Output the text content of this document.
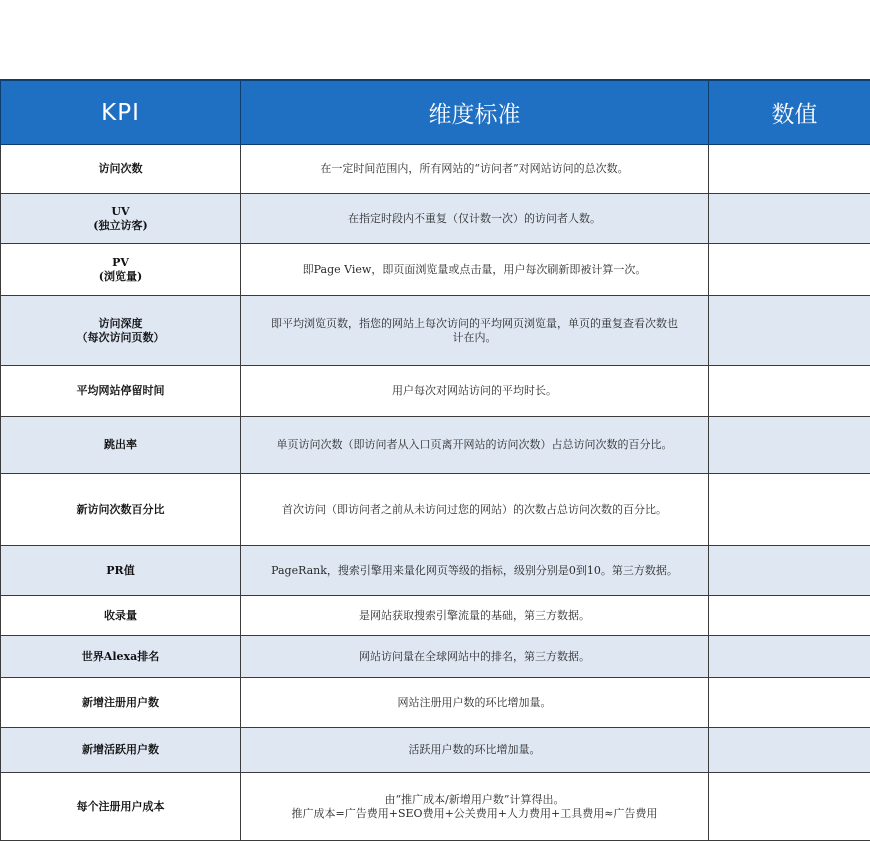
KPI	维度标准	数值

访问次数	在一定时间范围内，所有网站的“访问者”对网站访问的总次数。	

UV
(独立访客)	在指定时段内不重复（仅计数一次）的访问者人数。	

PV
(浏览量)	即Page View，即页面浏览量或点击量，用户每次刷新即被计算一次。	

访问深度
（每次访问页数）	即平均浏览页数，指您的网站上每次访问的平均网页浏览量，单页的重复查看次数也
计在内。	

平均网站停留时间	用户每次对网站访问的平均时长。	

跳出率	单页访问次数（即访问者从入口页离开网站的访问次数）占总访问次数的百分比。	

新访问次数百分比	首次访问（即访问者之前从未访问过您的网站）的次数占总访问次数的百分比。	

PR值	PageRank，搜索引擎用来量化网页等级的指标，级别分别是0到10。第三方数据。	

收录量	是网站获取搜索引擎流量的基础，第三方数据。	

世界Alexa排名	网站访问量在全球网站中的排名，第三方数据。	

新增注册用户数	网站注册用户数的环比增加量。	

新增活跃用户数	活跃用户数的环比增加量。	

每个注册用户成本	由“推广成本/新增用户数”计算得出。
推广成本=广告费用+SEO费用+公关费用+人力费用+工具费用≈广告费用	
